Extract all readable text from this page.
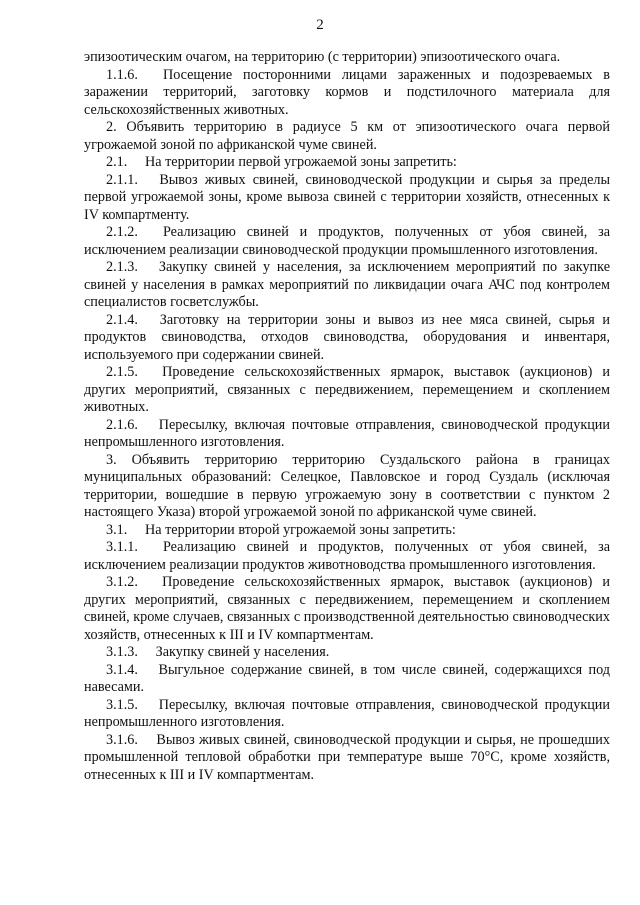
2

эпизоотическим очагом, на территорию (с территории) эпизоотического очага.

1.1.6.  Посещение посторонними лицами зараженных и подозреваемых в заражении территорий, заготовку кормов и подстилочного материала для сельскохозяйственных животных.

2. Объявить территорию в радиусе 5 км от эпизоотического очага первой угрожаемой зоной по африканской чуме свиней.

2.1.  На территории первой угрожаемой зоны запретить:

2.1.1.  Вывоз живых свиней, свиноводческой продукции и сырья за пределы первой угрожаемой зоны, кроме вывоза свиней с территории хозяйств, отнесенных к IV компартменту.

2.1.2.  Реализацию свиней и продуктов, полученных от убоя свиней, за исключением реализации свиноводческой продукции промышленного изготовления.

2.1.3.  Закупку свиней у населения, за исключением мероприятий по закупке свиней у населения в рамках мероприятий по ликвидации очага АЧС под контролем специалистов госветслужбы.

2.1.4.  Заготовку на территории зоны и вывоз из нее мяса свиней, сырья и продуктов свиноводства, отходов свиноводства, оборудования и инвентаря, используемого при содержании свиней.

2.1.5.  Проведение сельскохозяйственных ярмарок, выставок (аукционов) и других мероприятий, связанных с передвижением, перемещением и скоплением животных.

2.1.6.  Пересылку, включая почтовые отправления, свиноводческой продукции непромышленного изготовления.

3. Объявить территорию территорию Суздальского района в границах муниципальных образований: Селецкое, Павловское и город Суздаль (исключая территории, вошедшие в первую угрожаемую зону в соответствии с пунктом 2 настоящего Указа) второй угрожаемой зоной по африканской чуме свиней.

3.1.  На территории второй угрожаемой зоны запретить:

3.1.1.  Реализацию свиней и продуктов, полученных от убоя свиней, за исключением реализации продуктов животноводства промышленного изготовления.

3.1.2.  Проведение сельскохозяйственных ярмарок, выставок (аукционов) и других мероприятий, связанных с передвижением, перемещением и скоплением свиней, кроме случаев, связанных с производственной деятельностью свиноводческих хозяйств, отнесенных к III и IV компартментам.

3.1.3.  Закупку свиней у населения.

3.1.4.  Выгульное содержание свиней, в том числе свиней, содержащихся под навесами.

3.1.5.  Пересылку, включая почтовые отправления, свиноводческой продукции непромышленного изготовления.

3.1.6.  Вывоз живых свиней, свиноводческой продукции и сырья, не прошедших промышленной тепловой обработки при температуре выше 70°С, кроме хозяйств, отнесенных к III и IV компартментам.
